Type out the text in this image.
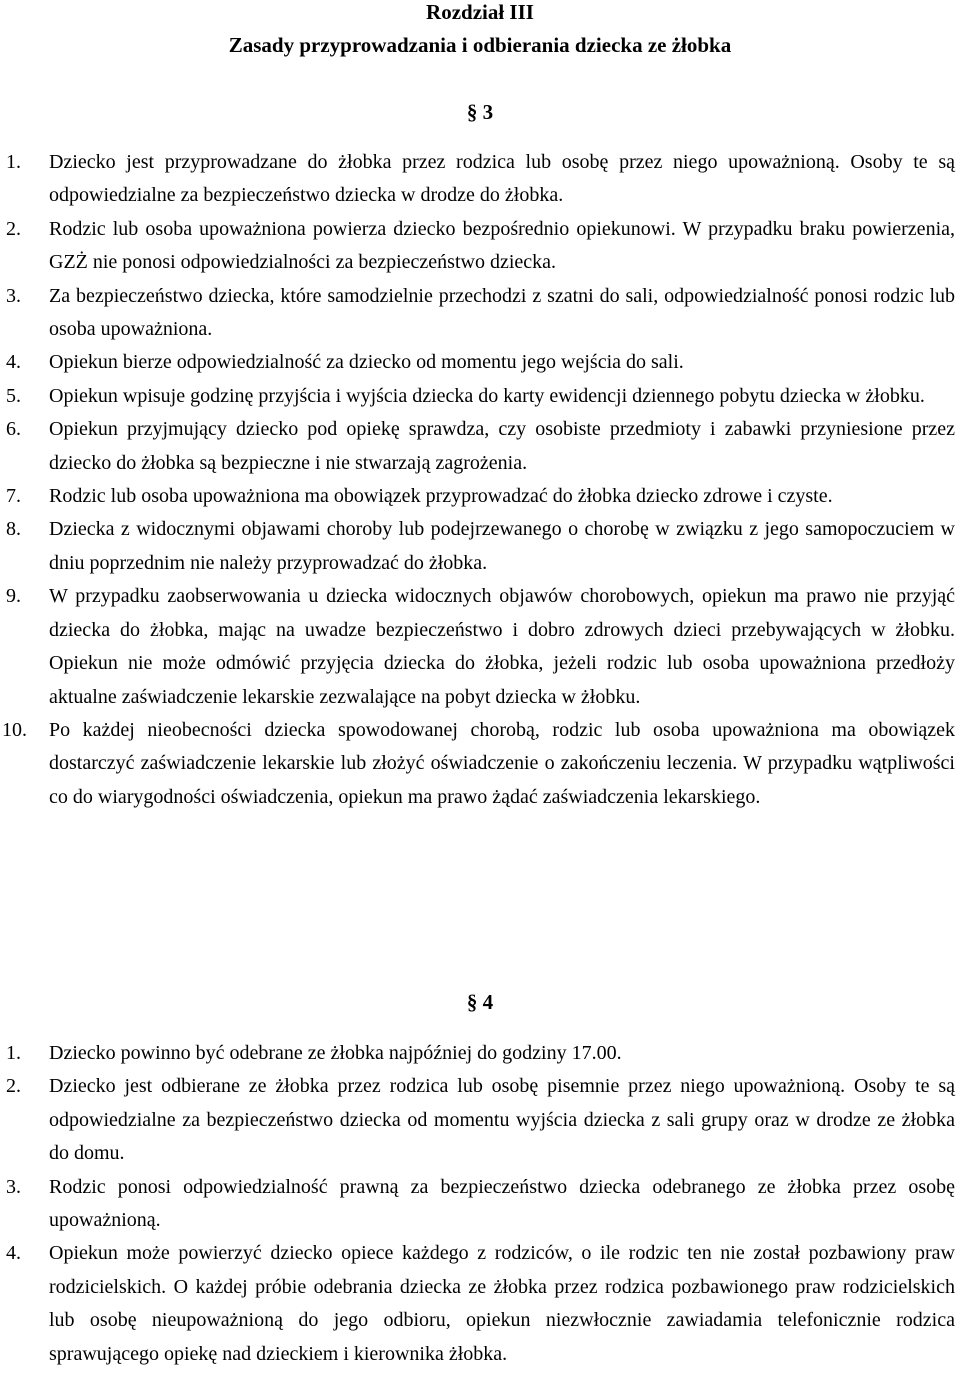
Rozdział III
Zasady przyprowadzania i odbierania dziecka ze żłobka
§ 3
1. Dziecko jest przyprowadzane do żłobka przez rodzica lub osobę przez niego upoważnioną. Osoby te są odpowiedzialne za bezpieczeństwo dziecka w drodze do żłobka.
2. Rodzic lub osoba upoważniona powierza dziecko bezpośrednio opiekunowi. W przypadku braku powierzenia, GZŻ nie ponosi odpowiedzialności za bezpieczeństwo dziecka.
3. Za bezpieczeństwo dziecka, które samodzielnie przechodzi z szatni do sali, odpowiedzialność ponosi rodzic lub osoba upoważniona.
4. Opiekun bierze odpowiedzialność za dziecko od momentu jego wejścia do sali.
5. Opiekun wpisuje godzinę przyjścia i wyjścia dziecka do karty ewidencji dziennego pobytu dziecka w żłobku.
6. Opiekun przyjmujący dziecko pod opiekę sprawdza, czy osobiste przedmioty i zabawki przyniesione przez dziecko do żłobka są bezpieczne i nie stwarzają zagrożenia.
7. Rodzic lub osoba upoważniona ma obowiązek przyprowadzać do żłobka dziecko zdrowe i czyste.
8. Dziecka z widocznymi objawami choroby lub podejrzewanego o chorobę w związku z jego samopoczuciem w dniu poprzednim nie należy przyprowadzać do żłobka.
9. W przypadku zaobserwowania u dziecka widocznych objawów chorobowych, opiekun ma prawo nie przyjąć dziecka do żłobka, mając na uwadze bezpieczeństwo i dobro zdrowych dzieci przebywających w żłobku. Opiekun nie może odmówić przyjęcia dziecka do żłobka, jeżeli rodzic lub osoba upoważniona przedłoży aktualne zaświadczenie lekarskie zezwalające na pobyt dziecka w żłobku.
10. Po każdej nieobecności dziecka spowodowanej chorobą, rodzic lub osoba upoważniona ma obowiązek dostarczyć zaświadczenie lekarskie lub złożyć oświadczenie o zakończeniu leczenia. W przypadku wątpliwości co do wiarygodności oświadczenia, opiekun ma prawo żądać zaświadczenia lekarskiego.
§ 4
1. Dziecko powinno być odebrane ze żłobka najpóźniej do godziny 17.00.
2. Dziecko jest odbierane ze żłobka przez rodzica lub osobę pisemnie przez niego upoważnioną. Osoby te są odpowiedzialne za bezpieczeństwo dziecka od momentu wyjścia dziecka z sali grupy oraz w drodze ze żłobka do domu.
3. Rodzic ponosi odpowiedzialność prawną za bezpieczeństwo dziecka odebranego ze żłobka przez osobę upoważnioną.
4. Opiekun może powierzyć dziecko opiece każdego z rodziców, o ile rodzic ten nie został pozbawiony praw rodzicielskich. O każdej próbie odebrania dziecka ze żłobka przez rodzica pozbawionego praw rodzicielskich lub osobę nieupoważnioną do jego odbioru, opiekun niezwłocznie zawiadamia telefonicznie rodzica sprawującego opiekę nad dzieckiem i kierownika żłobka.
